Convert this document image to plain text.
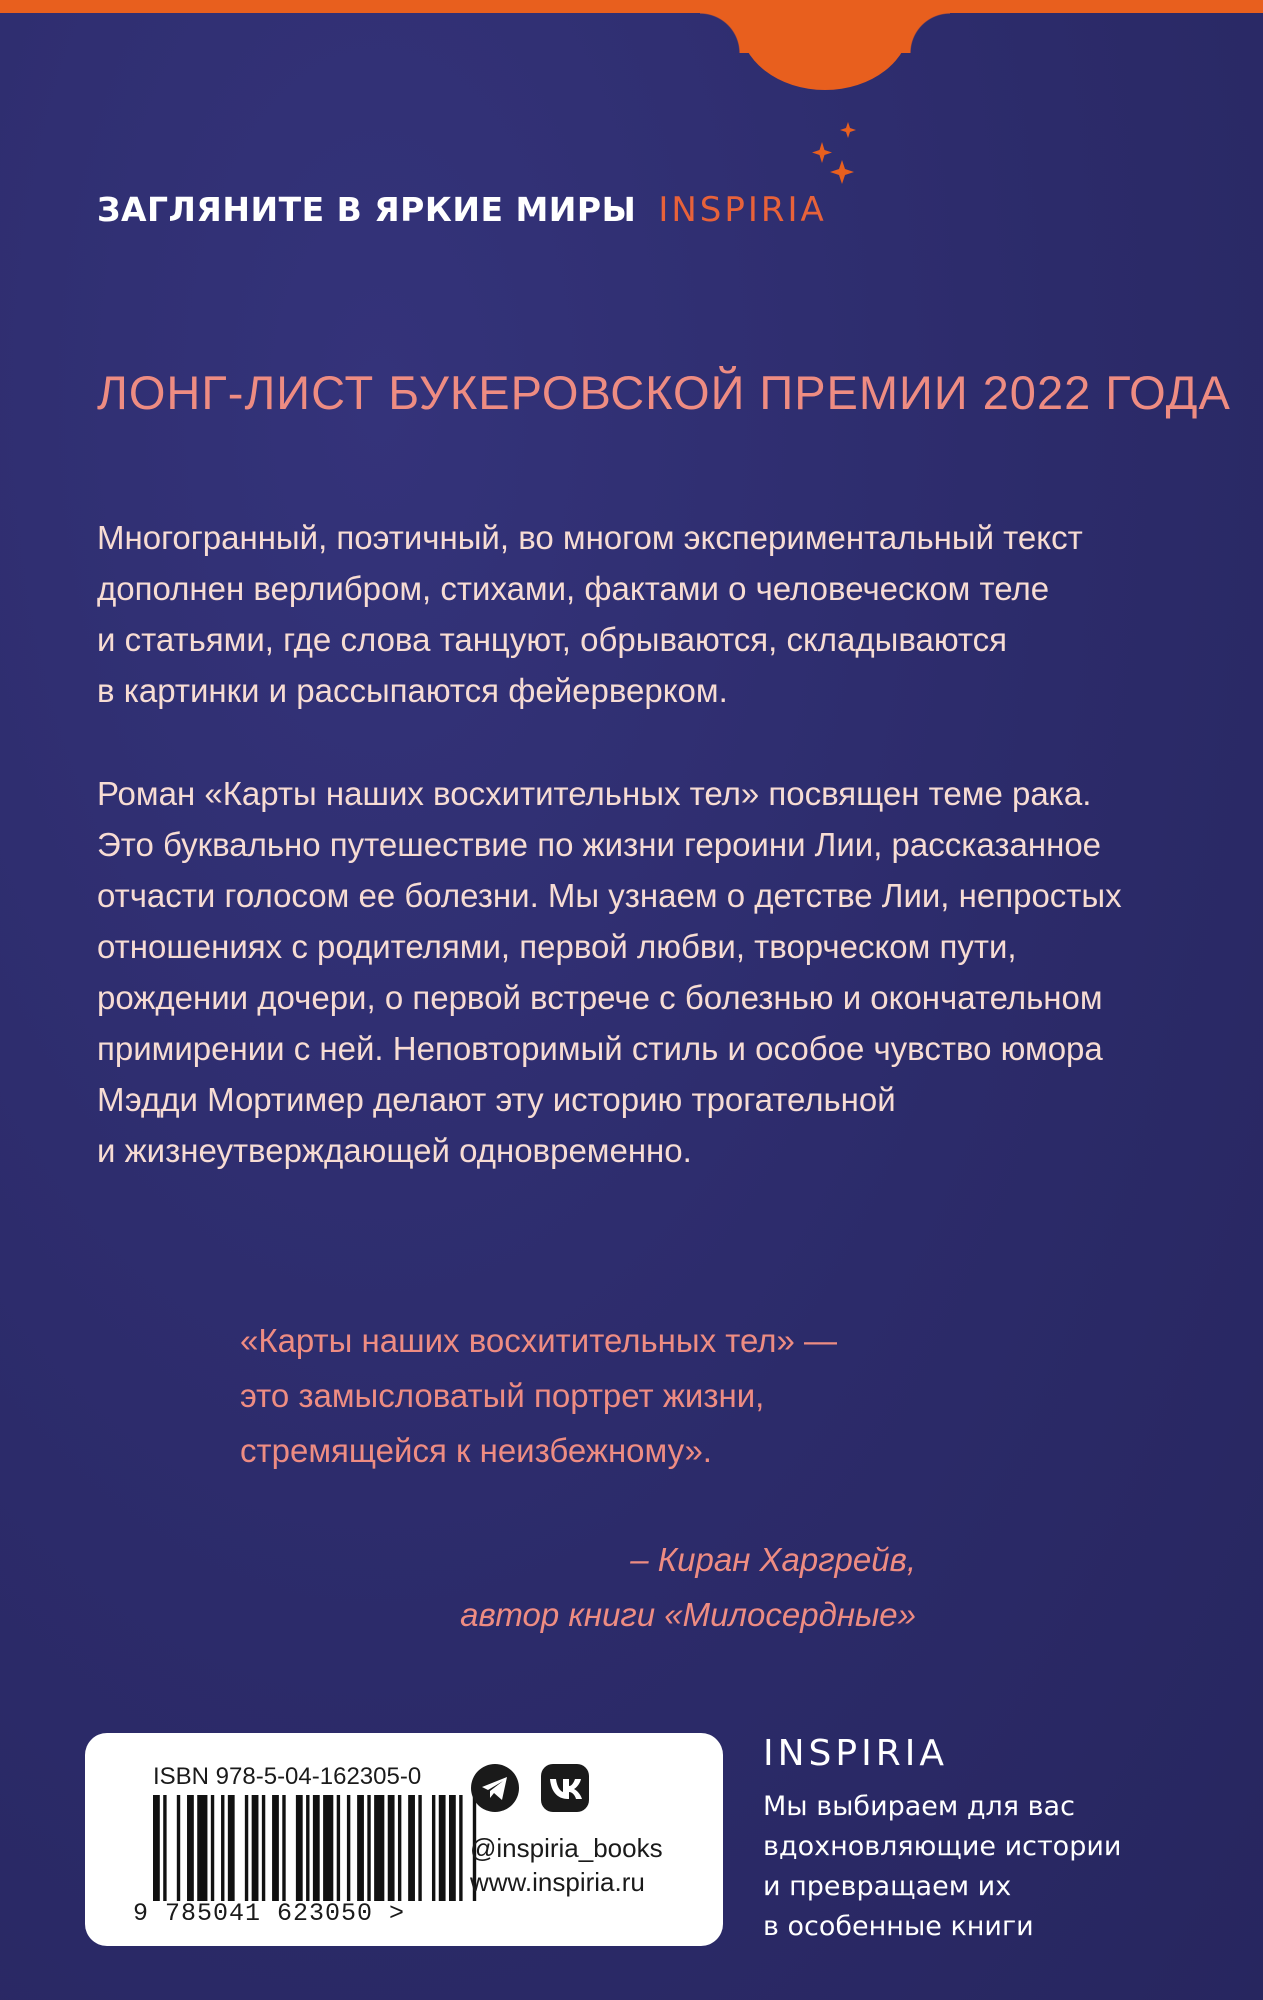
ЗАГЛЯНИТЕ В ЯРКИЕ МИРЫ INSPIRIA
ЛОНГ-ЛИСТ БУКЕРОВСКОЙ ПРЕМИИ 2022 ГОДА
Многогранный, поэтичный, во многом экспериментальный текст
дополнен верлибром, стихами, фактами о человеческом теле
и статьями, где слова танцуют, обрываются, складываются
в картинки и рассыпаются фейерверком.
Роман «Карты наших восхитительных тел» посвящен теме рака.
Это буквально путешествие по жизни героини Лии, рассказанное
отчасти голосом ее болезни. Мы узнаем о детстве Лии, непростых
отношениях с родителями, первой любви, творческом пути,
рождении дочери, о первой встрече с болезнью и окончательном
примирении с ней. Неповторимый стиль и особое чувство юмора
Мэдди Мортимер делают эту историю трогательной
и жизнеутверждающей одновременно.
«Карты наших восхитительных тел» —
это замысловатый портрет жизни,
стремящейся к неизбежному».
– Киран Харгрейв,
автор книги «Милосердные»
ISBN 978-5-04-162305-0
9 785041 623050 >
@inspiria_books
www.inspiria.ru
INSPIRIA
Мы выбираем для вас
вдохновляющие истории
и превращаем их
в особенные книги
